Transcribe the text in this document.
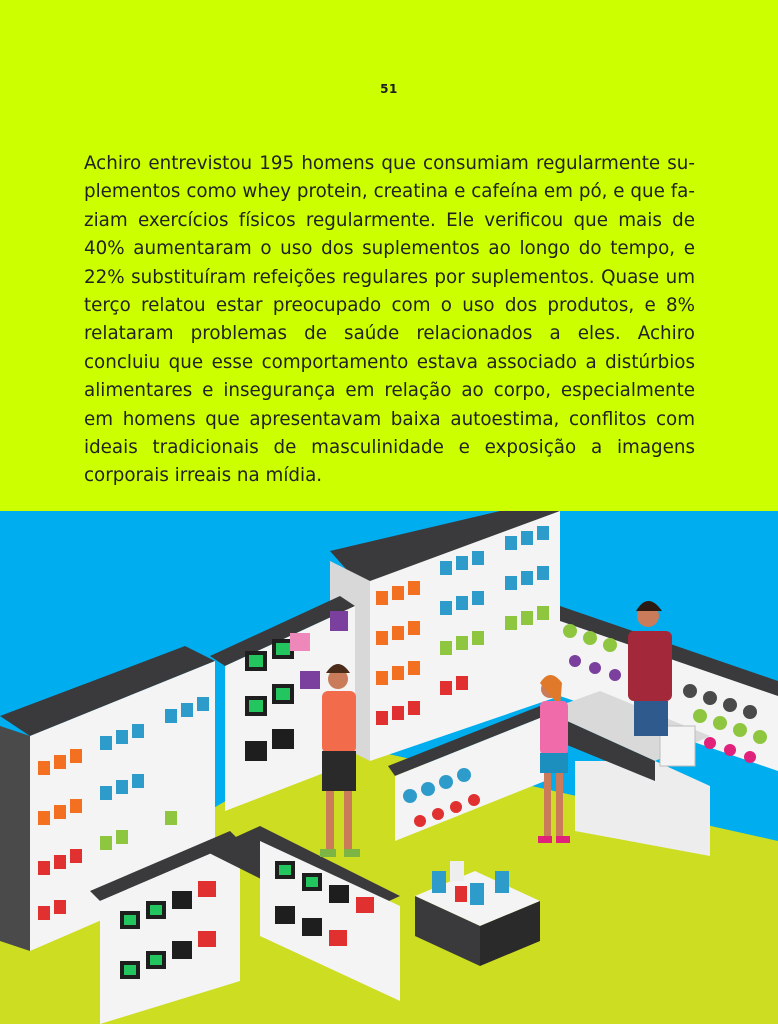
51

Achiro entrevistou 195 homens que consumiam regularmente suplementos como whey protein, creatina e cafeína em pó, e que faziam exercícios físicos regularmente. Ele verificou que mais de 40% aumentaram o uso dos suplementos ao longo do tempo, e 22% substituíram refeições regulares por suplementos. Quase um terço relatou estar preocupado com o uso dos produtos, e 8% relataram problemas de saúde relacionados a eles. Achiro concluiu que esse comportamento estava associado a distúrbios alimentares e insegurança em relação ao corpo, especialmente em homens que apresentavam baixa autoestima, conflitos com ideais tradicionais de masculinidade e exposição a imagens corporais irreais na mídia.
